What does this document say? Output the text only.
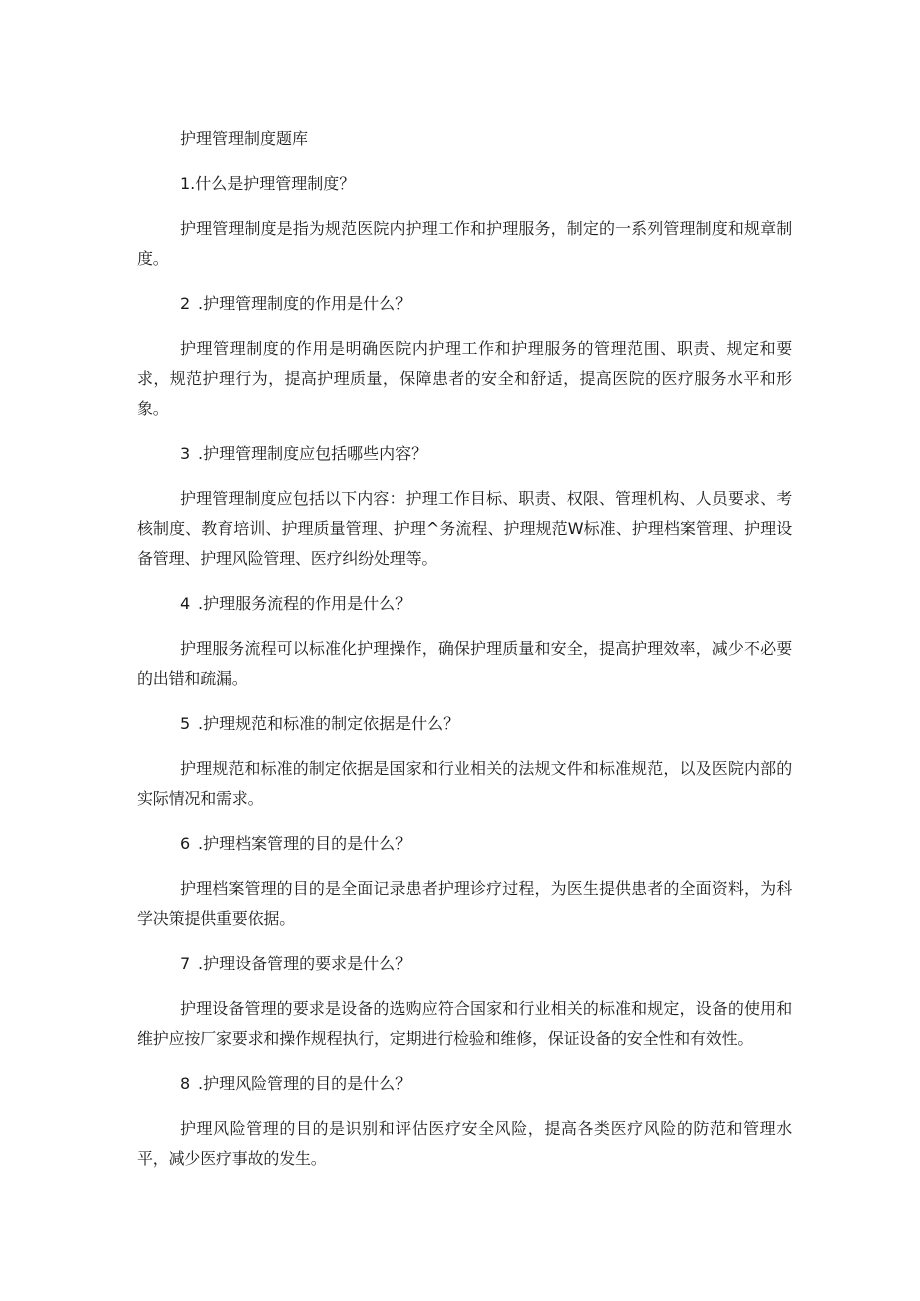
护理管理制度题库

1.什么是护理管理制度？

护理管理制度是指为规范医院内护理工作和护理服务，制定的一系列管理制度和规章制度。

2	.护理管理制度的作用是什么？

护理管理制度的作用是明确医院内护理工作和护理服务的管理范围、职责、规定和要求，规范护理行为，提高护理质量，保障患者的安全和舒适，提高医院的医疗服务水平和形象。

3	.护理管理制度应包括哪些内容？

护理管理制度应包括以下内容：护理工作目标、职责、权限、管理机构、人员要求、考核制度、教育培训、护理质量管理、护理^务流程、护理规范W标准、护理档案管理、护理设备管理、护理风险管理、医疗纠纷处理等。

4	.护理服务流程的作用是什么？

护理服务流程可以标准化护理操作，确保护理质量和安全，提高护理效率，减少不必要的出错和疏漏。

5	.护理规范和标准的制定依据是什么？

护理规范和标准的制定依据是国家和行业相关的法规文件和标准规范，以及医院内部的实际情况和需求。

6	.护理档案管理的目的是什么？

护理档案管理的目的是全面记录患者护理诊疗过程，为医生提供患者的全面资料，为科学决策提供重要依据。

7	.护理设备管理的要求是什么？

护理设备管理的要求是设备的选购应符合国家和行业相关的标准和规定，设备的使用和维护应按厂家要求和操作规程执行，定期进行检验和维修，保证设备的安全性和有效性。

8	.护理风险管理的目的是什么？

护理风险管理的目的是识别和评估医疗安全风险，提高各类医疗风险的防范和管理水平，减少医疗事故的发生。
